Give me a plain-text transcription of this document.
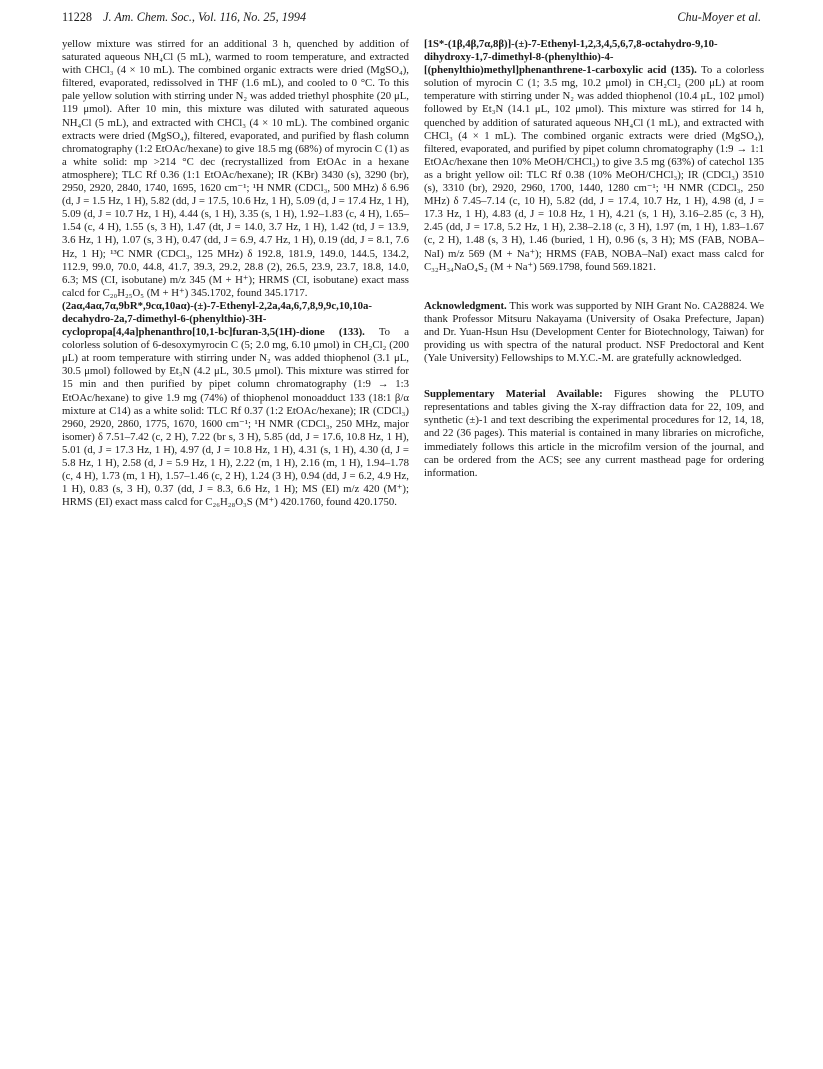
11228 J. Am. Chem. Soc., Vol. 116, No. 25, 1994	Chu-Moyer et al.

yellow mixture was stirred for an additional 3 h, quenched by addition of saturated aqueous NH₄Cl (5 mL), warmed to room temperature, and extracted with CHCl₃ (4 × 10 mL). The combined organic extracts were dried (MgSO₄), filtered, evaporated, redissolved in THF (1.6 mL), and cooled to 0 °C. To this pale yellow solution with stirring under N₂ was added triethyl phosphite (20 μL, 119 μmol). After 10 min, this mixture was diluted with saturated aqueous NH₄Cl (5 mL), and extracted with CHCl₃ (4 × 10 mL). The combined organic extracts were dried (MgSO₄), filtered, evaporated, and purified by flash column chromatography (1:2 EtOAc/hexane) to give 18.5 mg (68%) of myrocin C (1) as a white solid: mp >214 °C dec (recrystallized from EtOAc in a hexane atmosphere); TLC Rf 0.36 (1:1 EtOAc/hexane); IR (KBr) 3430 (s), 3290 (br), 2950, 2920, 2840, 1740, 1695, 1620 cm⁻¹; ¹H NMR (CDCl₃, 500 MHz) δ 6.96 (d, J = 1.5 Hz, 1 H), 5.82 (dd, J = 17.5, 10.6 Hz, 1 H), 5.09 (d, J = 17.4 Hz, 1 H), 5.09 (d, J = 10.7 Hz, 1 H), 4.44 (s, 1 H), 3.35 (s, 1 H), 1.92–1.83 (c, 4 H), 1.65–1.54 (c, 4 H), 1.55 (s, 3 H), 1.47 (dt, J = 14.0, 3.7 Hz, 1 H), 1.42 (td, J = 13.9, 3.6 Hz, 1 H), 1.07 (s, 3 H), 0.47 (dd, J = 6.9, 4.7 Hz, 1 H), 0.19 (dd, J = 8.1, 7.6 Hz, 1 H); ¹³C NMR (CDCl₃, 125 MHz) δ 192.8, 181.9, 149.0, 144.5, 134.2, 112.9, 99.0, 70.0, 44.8, 41.7, 39.3, 29.2, 28.8 (2), 26.5, 23.9, 23.7, 18.8, 14.0, 6.3; MS (CI, isobutane) m/z 345 (M + H⁺); HRMS (CI, isobutane) exact mass calcd for C₂₀H₂₅O₅ (M + H⁺) 345.1702, found 345.1717.

(2aα,4aα,7α,9bR*,9cα,10aα)-(±)-7-Ethenyl-2,2a,4a,6,7,8,9,9c,10,10a-decahydro-2a,7-dimethyl-6-(phenylthio)-3H-cyclopropa[4,4a]phenanthro[10,1-bc]furan-3,5(1H)-dione (133). To a colorless solution of 6-desoxymyrocin C (5; 2.0 mg, 6.10 μmol) in CH₂Cl₂ (200 μL) at room temperature with stirring under N₂ was added thiophenol (3.1 μL, 30.5 μmol) followed by Et₃N (4.2 μL, 30.5 μmol). This mixture was stirred for 15 min and then purified by pipet column chromatography (1:9 → 1:3 EtOAc/hexane) to give 1.9 mg (74%) of thiophenol monoadduct 133 (18:1 β/α mixture at C14) as a white solid: TLC Rf 0.37 (1:2 EtOAc/hexane); IR (CDCl₃) 2960, 2920, 2860, 1775, 1670, 1600 cm⁻¹; ¹H NMR (CDCl₃, 250 MHz, major isomer) δ 7.51–7.42 (c, 2 H), 7.22 (br s, 3 H), 5.85 (dd, J = 17.6, 10.8 Hz, 1 H), 5.01 (d, J = 17.3 Hz, 1 H), 4.97 (d, J = 10.8 Hz, 1 H), 4.31 (s, 1 H), 4.30 (d, J = 5.8 Hz, 1 H), 2.58 (d, J = 5.9 Hz, 1 H), 2.22 (m, 1 H), 2.16 (m, 1 H), 1.94–1.78 (c, 4 H), 1.73 (m, 1 H), 1.57–1.46 (c, 2 H), 1.24 (3 H), 0.94 (dd, J = 6.2, 4.9 Hz, 1 H), 0.83 (s, 3 H), 0.37 (dd, J = 8.3, 6.6 Hz, 1 H); MS (EI) m/z 420 (M⁺); HRMS (EI) exact mass calcd for C₂₆H₂₈O₃S (M⁺) 420.1760, found 420.1750.

[1S*-(1β,4β,7α,8β)]-(±)-7-Ethenyl-1,2,3,4,5,6,7,8-octahydro-9,10-dihydroxy-1,7-dimethyl-8-(phenylthio)-4-[(phenylthio)methyl]phenanthrene-1-carboxylic acid (135). To a colorless solution of myrocin C (1; 3.5 mg, 10.2 μmol) in CH₂Cl₂ (200 μL) at room temperature with stirring under N₂ was added thiophenol (10.4 μL, 102 μmol) followed by Et₃N (14.1 μL, 102 μmol). This mixture was stirred for 14 h, quenched by addition of saturated aqueous NH₄Cl (1 mL), and extracted with CHCl₃ (4 × 1 mL). The combined organic extracts were dried (MgSO₄), filtered, evaporated, and purified by pipet column chromatography (1:9 → 1:1 EtOAc/hexane then 10% MeOH/CHCl₃) to give 3.5 mg (63%) of catechol 135 as a bright yellow oil: TLC Rf 0.38 (10% MeOH/CHCl₃); IR (CDCl₃) 3510 (s), 3310 (br), 2920, 2960, 1700, 1440, 1280 cm⁻¹; ¹H NMR (CDCl₃, 250 MHz) δ 7.45–7.14 (c, 10 H), 5.82 (dd, J = 17.4, 10.7 Hz, 1 H), 4.98 (d, J = 17.3 Hz, 1 H), 4.83 (d, J = 10.8 Hz, 1 H), 4.21 (s, 1 H), 3.16–2.85 (c, 3 H), 2.45 (dd, J = 17.8, 5.2 Hz, 1 H), 2.38–2.18 (c, 3 H), 1.97 (m, 1 H), 1.83–1.67 (c, 2 H), 1.48 (s, 3 H), 1.46 (buried, 1 H), 0.96 (s, 3 H); MS (FAB, NOBA–NaI) m/z 569 (M + Na⁺); HRMS (FAB, NOBA–NaI) exact mass calcd for C₃₂H₃₄NaO₄S₂ (M + Na⁺) 569.1798, found 569.1821.

Acknowledgment. This work was supported by NIH Grant No. CA28824. We thank Professor Mitsuru Nakayama (University of Osaka Prefecture, Japan) and Dr. Yuan-Hsun Hsu (Development Center for Biotechnology, Taiwan) for providing us with spectra of the natural product. NSF Predoctoral and Kent (Yale University) Fellowships to M.Y.C.-M. are gratefully acknowledged.

Supplementary Material Available: Figures showing the PLUTO representations and tables giving the X-ray diffraction data for 22, 109, and synthetic (±)-1 and text describing the experimental procedures for 12, 14, 18, and 22 (36 pages). This material is contained in many libraries on microfiche, immediately follows this article in the microfilm version of the journal, and can be ordered from the ACS; see any current masthead page for ordering information.
